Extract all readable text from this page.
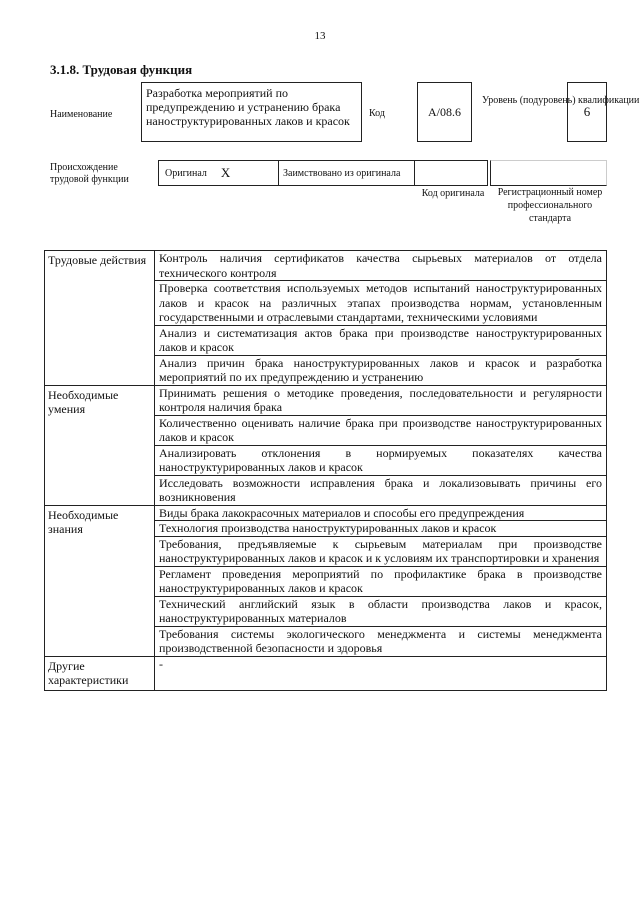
13
3.1.8. Трудовая функция
Наименование
Разработка мероприятий по предупреждению и устранению брака наноструктурированных лаков и красок
Код	А/08.6
Уровень (подуровень) квалификации
6
Происхождение трудовой функции
Оригинал X	Заимствовано из оригинала
Код оригинала Регистрационный номер профессионального стандарта
Трудовые действия	Контроль наличия сертификатов качества сырьевых материалов от отдела технического контроля
	Проверка соответствия используемых методов испытаний наноструктурированных лаков и красок на различных этапах производства нормам, установленным государственными и отраслевыми стандартами, техническими условиями
	Анализ и систематизация актов брака при производстве наноструктурированных лаков и красок
	Анализ причин брака наноструктурированных лаков и красок и разработка мероприятий по их предупреждению и устранению
Необходимые умения	Принимать решения о методике проведения, последовательности и регулярности контроля наличия брака
	Количественно оценивать наличие брака при производстве наноструктурированных лаков и красок
	Анализировать отклонения в нормируемых показателях качества наноструктурированных лаков и красок
	Исследовать возможности исправления брака и локализовывать причины его возникновения
Необходимые знания	Виды брака лакокрасочных материалов и способы его предупреждения
	Технология производства наноструктурированных лаков и красок
	Требования, предъявляемые к сырьевым материалам при производстве наноструктурированных лаков и красок и к условиям их транспортировки и хранения
	Регламент проведения мероприятий по профилактике брака в производстве наноструктурированных лаков и красок
	Технический английский язык в области производства лаков и красок, наноструктурированных материалов
	Требования системы экологического менеджмента и системы менеджмента производственной безопасности и здоровья
Другие характеристики	-
